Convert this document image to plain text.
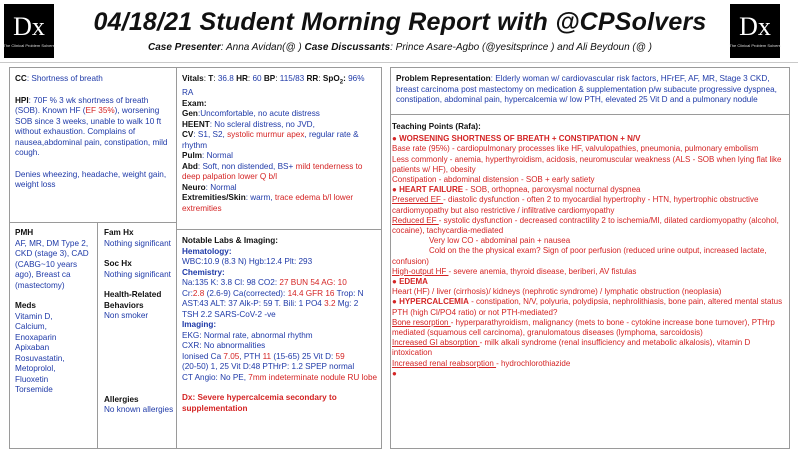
Dx
The Clinical Problem Solvers
04/18/21 Student Morning Report with @CPSolvers
Case Presenter: Anna Avidan(@ ) Case Discussants: Prince Asare-Agbo (@yesitsprince ) and Ali Beydoun (@ )
Dx
The Clinical Problem Solvers

CC: Shortness of breath

HPI: 70F % 3 wk shortness of breath (SOB). Known HF (EF 35%), worsening SOB since 3 weeks, unable to walk 10 ft without exhaustion. Complains of nausea,abdominal pain, constipation, mild cough.

Denies wheezing, headache, weight gain, weight loss

PMH

AF, MR, DM Type 2, CKD (stage 3), CAD (CABG~10 years ago), Breast ca (mastectomy)

Meds

Vitamin D,

Calcium,

Enoxaparin

Apixaban

Rosuvastatin,

Metoprolol,

Fluoxetin

Torsemide

Fam Hx

Nothing significant

Soc Hx

Nothing significant

Health-Related Behaviors

Non smoker

Allergies

No known allergies

Vitals: T: 36.8 HR: 60 BP: 115/83 RR: SpO$_2$: 96% RA

Exam:

Gen:Uncomfortable, no acute distress

HEENT: No scleral distress, no JVD,

CV: S1, S2, systolic murmur apex, regular rate & rhythm

Pulm: Normal

Abd: Soft, non distended, BS+ mild tenderness to deep palpation lower Q b/l

Neuro: Normal

Extremities/Skin: warm, trace edema b/l lower extremities

Notable Labs & Imaging:

Hematology:

WBC:10.9 (8.3 N) Hgb:12.4 Plt: 293

Chemistry:

Na:135 K: 3.8 Cl: 98 CO2: 27 BUN 54 AG: 10

Cr:2.8 (2.6-9) Ca(corrected): 14.4 GFR 16 Trop: N

AST:43 ALT: 37 Alk-P: 59 T. Bili: 1 PO4 3.2 Mg: 2

TSH 2.2 SARS-CoV-2 -ve

Imaging:

EKG: Normal rate, abnormal rhythm

CXR: No abnormalities

Ionised Ca 7.05, PTH 11 (15-65) 25 Vit D: 59

(20-50) 1, 25 Vit D:48 PTHrP: 1.2 SPEP normal

CT Angio: No PE, 7mm indeterminate nodule RU lobe

Dx: Severe hypercalcemia secondary to supplementation

Problem Representation: Elderly woman w/ cardiovascular risk factors, HFrEF, AF, MR, Stage 3 CKD, breast carcinoma post mastectomy on medication & supplementation p/w subacute progressive dyspnea, constipation, abdominal pain, hypercalcemia w/ low PTH, elevated 25 Vit D and a pulmonary nodule

Teaching Points (Rafa):

● WORSENING SHORTNESS OF BREATH + CONSTIPATION + N/V

Base rate (95%) - cardiopulmonary processes like HF, valvulopathies, pneumonia, pulmonary embolism

Less commonly - anemia, hyperthyroidism, acidosis, neuromuscular weakness (ALS - SOB when lying flat like patients w/ HF), obesity

Constipation - abdominal distension - SOB + early satiety

● HEART FAILURE - SOB, orthopnea, paroxysmal nocturnal dyspnea

Preserved EF - diastolic dysfunction - often 2 to myocardial hypertrophy - HTN, hypertrophic obstructive cardiomyopathy but also restrictive / infiltrative cardiomyopathy

Reduced EF - systolic dysfunction - decreased contractility 2 to ischemia/MI, dilated cardiomyopathy (alcohol, cocaine), tachycardia-mediated

Very low CO - abdominal pain + nausea

Cold on the the physical exam? Sign of poor perfusion (reduced urine output, increased lactate, confusion)

High-output HF - severe anemia, thyroid disease, beriberi, AV fistulas

● EDEMA

Heart (HF) / liver (cirrhosis)/ kidneys (nephrotic syndrome) / lymphatic obstruction (neoplasia)

● HYPERCALCEMIA - constipation, N/V, polyuria, polydipsia, nephrolithiasis, bone pain, altered mental status

PTH (high Cl/PO4 ratio) or not PTH-mediated?

Bone resorption - hyperparathyroidism, malignancy (mets to bone - cytokine increase bone turnover), PTHrp mediated (squamous cell carcinoma), granulomatous diseases (lymphoma, sarcoidosis)

Increased GI absorption - milk alkali syndrome (renal insufficiency and metabolic alkalosis), vitamin D intoxication

Increased renal reabsorption - hydrochlorothiazide

●
